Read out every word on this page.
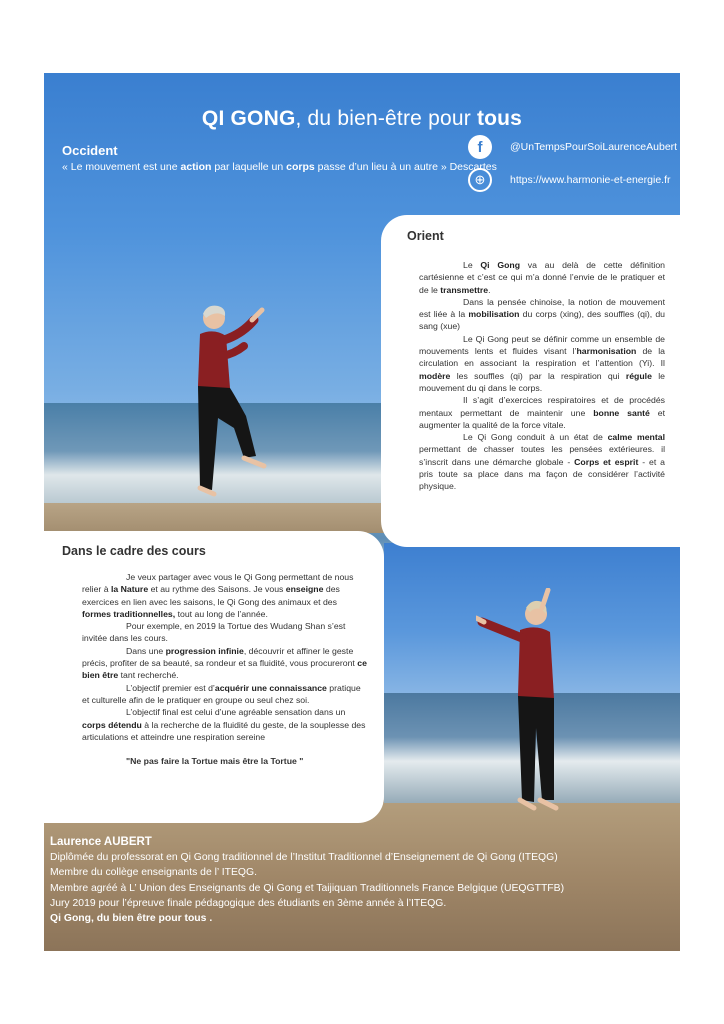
QI GONG, du bien-être pour tous
Occident
« Le mouvement est une action par laquelle un corps passe d’un lieu à un autre » Descartes
f	@UnTempsPourSoiLaurenceAubert
⊕	https://www.harmonie-et-energie.fr
Orient

Le Qi Gong va au delà de cette définition cartésienne et c’est ce qui m’a donné l’envie de le pratiquer et de le transmettre.

Dans la pensée chinoise, la notion de mouvement est liée à la mobilisation du corps (xing), des souffles (qi), du sang (xue)

Le Qi Gong peut se définir comme un ensemble de mouvements lents et fluides visant l’harmonisation de la circulation en associant la respiration et l’attention (Yi). Il modère les souffles (qi) par la respiration qui régule le mouvement du qi dans le corps.

Il s’agit d’exercices respiratoires et de procédés mentaux permettant de maintenir une bonne santé et augmenter la qualité de la force vitale.

Le Qi Gong conduit à un état de calme mental permettant de chasser toutes les pensées extérieures. il s’inscrit dans une démarche globale - Corps et esprit - et a pris toute sa place dans ma façon de considérer l’activité physique.

Dans le cadre des cours

Je veux partager avec vous le Qi Gong permettant de nous relier à la Nature et au rythme des Saisons. Je vous enseigne des exercices en lien avec les saisons, le Qi Gong des animaux et des formes traditionnelles, tout au long de l’année.

Pour exemple, en 2019 la Tortue des Wudang Shan s’est invitée dans les cours.

Dans une progression infinie, découvrir et affiner le geste précis, profiter de sa beauté, sa rondeur et sa fluidité, vous procureront ce bien être tant recherché.

L’objectif premier est d’acquérir une connaissance pratique et culturelle afin de le pratiquer en groupe ou seul chez soi.

L’objectif final est celui d’une agréable sensation dans un corps détendu à la recherche de la fluidité du geste, de la souplesse des articulations et atteindre une respiration sereine

"Ne pas faire la Tortue mais être la Tortue "

Laurence AUBERT
Diplômée du professorat en Qi Gong traditionnel de l’Institut Traditionnel d’Enseignement de Qi Gong (ITEQG)
Membre du collège enseignants de l’ ITEQG.
Membre agréé à L’ Union des Enseignants de Qi Gong et Taijiquan Traditionnels France Belgique (UEQGTTFB)
Jury 2019 pour l’épreuve finale pédagogique des étudiants en 3ème année à l’ITEQG.
Qi Gong, du bien être pour tous .
